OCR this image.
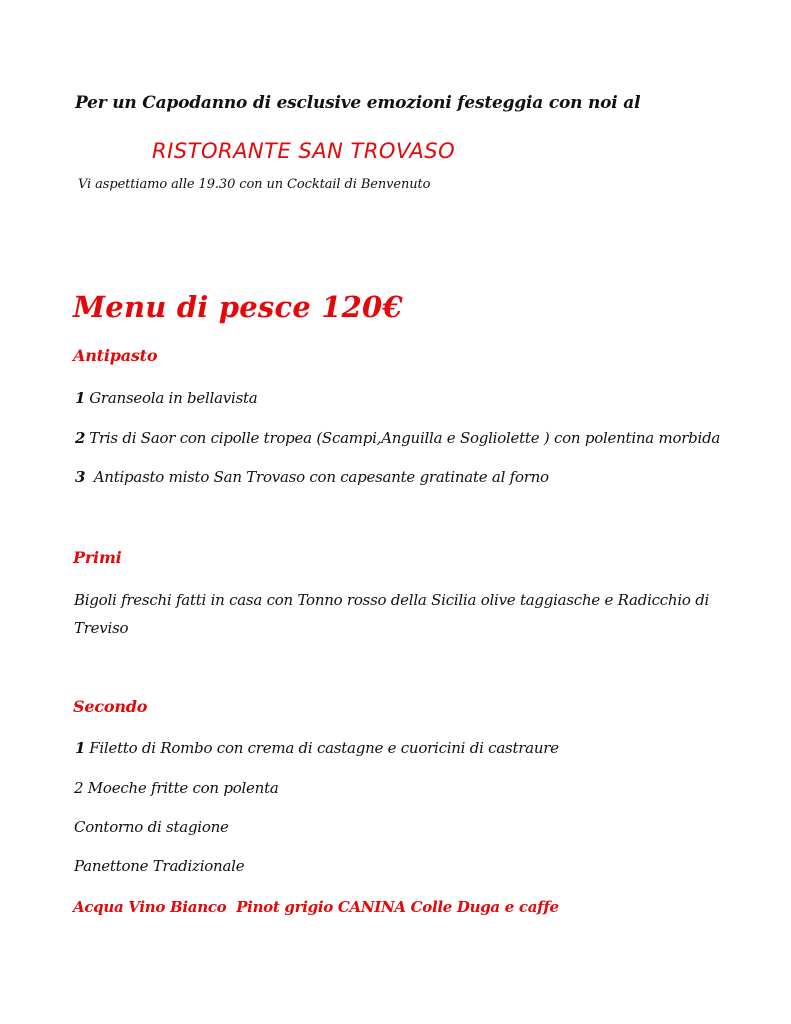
Per un Capodanno di esclusive emozioni festeggia con noi al
RISTORANTE SAN TROVASO
Vi aspettiamo alle 19.30 con un Cocktail di Benvenuto
Menu di pesce 120€
Antipasto
1 Granseola in bellavista
2 Tris di Saor con cipolle tropea (Scampi,Anguilla e Sogliolette ) con polentina morbida
3 Antipasto misto San Trovaso con capesante gratinate al forno
Primi
Bigoli freschi fatti in casa con Tonno rosso della Sicilia olive taggiasche e Radicchio di Treviso
Secondo
1 Filetto di Rombo con crema di castagne e cuoricini di castraure
2 Moeche fritte con polenta
Contorno di stagione
Panettone Tradizionale
Acqua Vino Bianco  Pinot grigio CANINA Colle Duga e caffe
